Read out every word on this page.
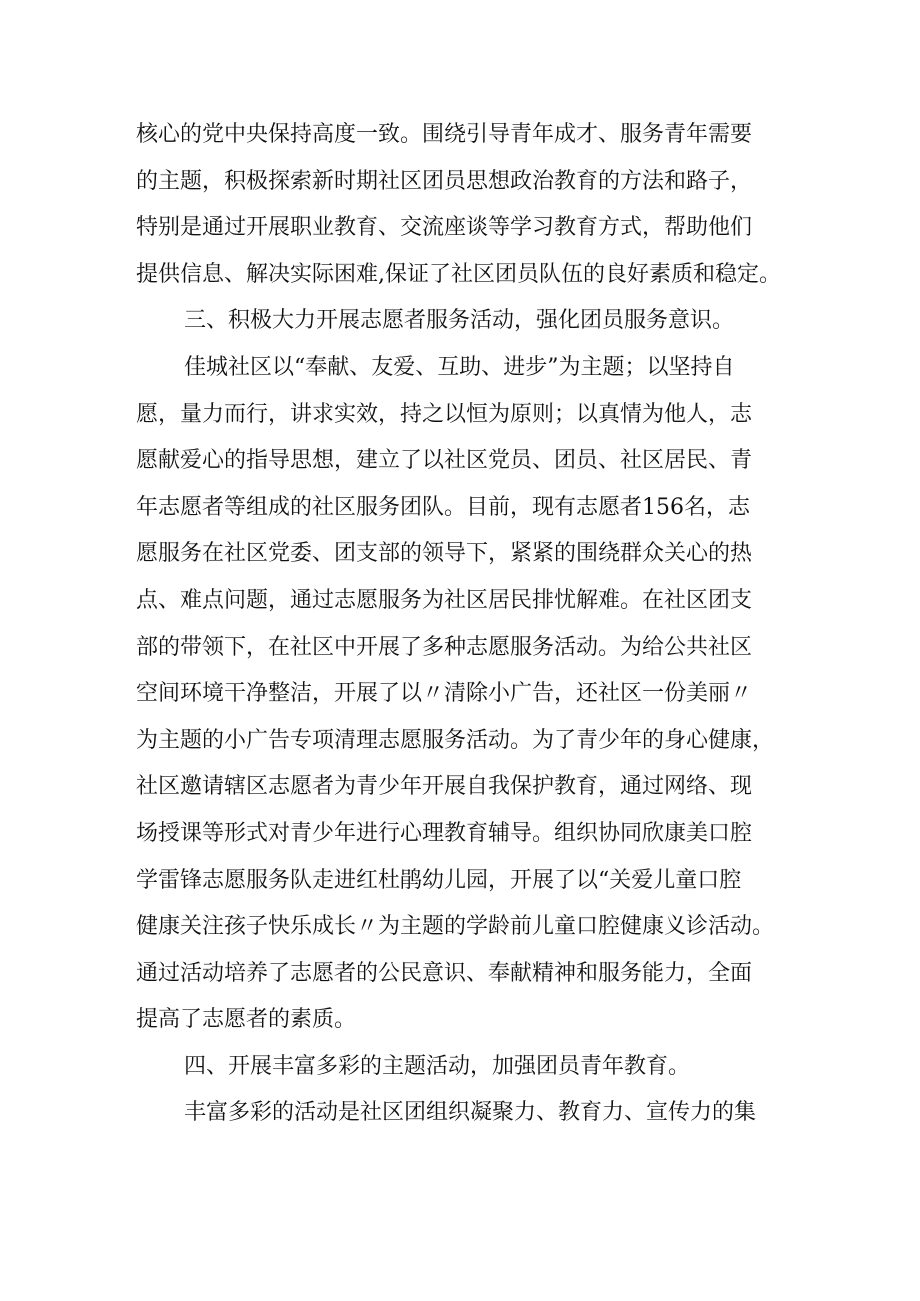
核心的党中央保持高度一致。围绕引导青年成才、服务青年需要

的主题，积极探索新时期社区团员思想政治教育的方法和路子，

特别是通过开展职业教育、交流座谈等学习教育方式，帮助他们

提供信息、解决实际困难,保证了社区团员队伍的良好素质和稳定。

三、积极大力开展志愿者服务活动，强化团员服务意识。

佳城社区以“奉献、友爱、互助、进步”为主题；以坚持自

愿，量力而行，讲求实效，持之以恒为原则；以真情为他人，志

愿献爱心的指导思想，建立了以社区党员、团员、社区居民、青

年志愿者等组成的社区服务团队。目前，现有志愿者156名，志

愿服务在社区党委、团支部的领导下，紧紧的围绕群众关心的热

点、难点问题，通过志愿服务为社区居民排忧解难。在社区团支

部的带领下，在社区中开展了多种志愿服务活动。为给公共社区

空间环境干净整洁，开展了以〃清除小广告，还社区一份美丽〃

为主题的小广告专项清理志愿服务活动。为了青少年的身心健康，

社区邀请辖区志愿者为青少年开展自我保护教育，通过网络、现

场授课等形式对青少年进行心理教育辅导。组织协同欣康美口腔

学雷锋志愿服务队走进红杜鹃幼儿园，开展了以“关爱儿童口腔

健康关注孩子快乐成长〃为主题的学龄前儿童口腔健康义诊活动。

通过活动培养了志愿者的公民意识、奉献精神和服务能力，全面

提高了志愿者的素质。

四、开展丰富多彩的主题活动，加强团员青年教育。

丰富多彩的活动是社区团组织凝聚力、教育力、宣传力的集
